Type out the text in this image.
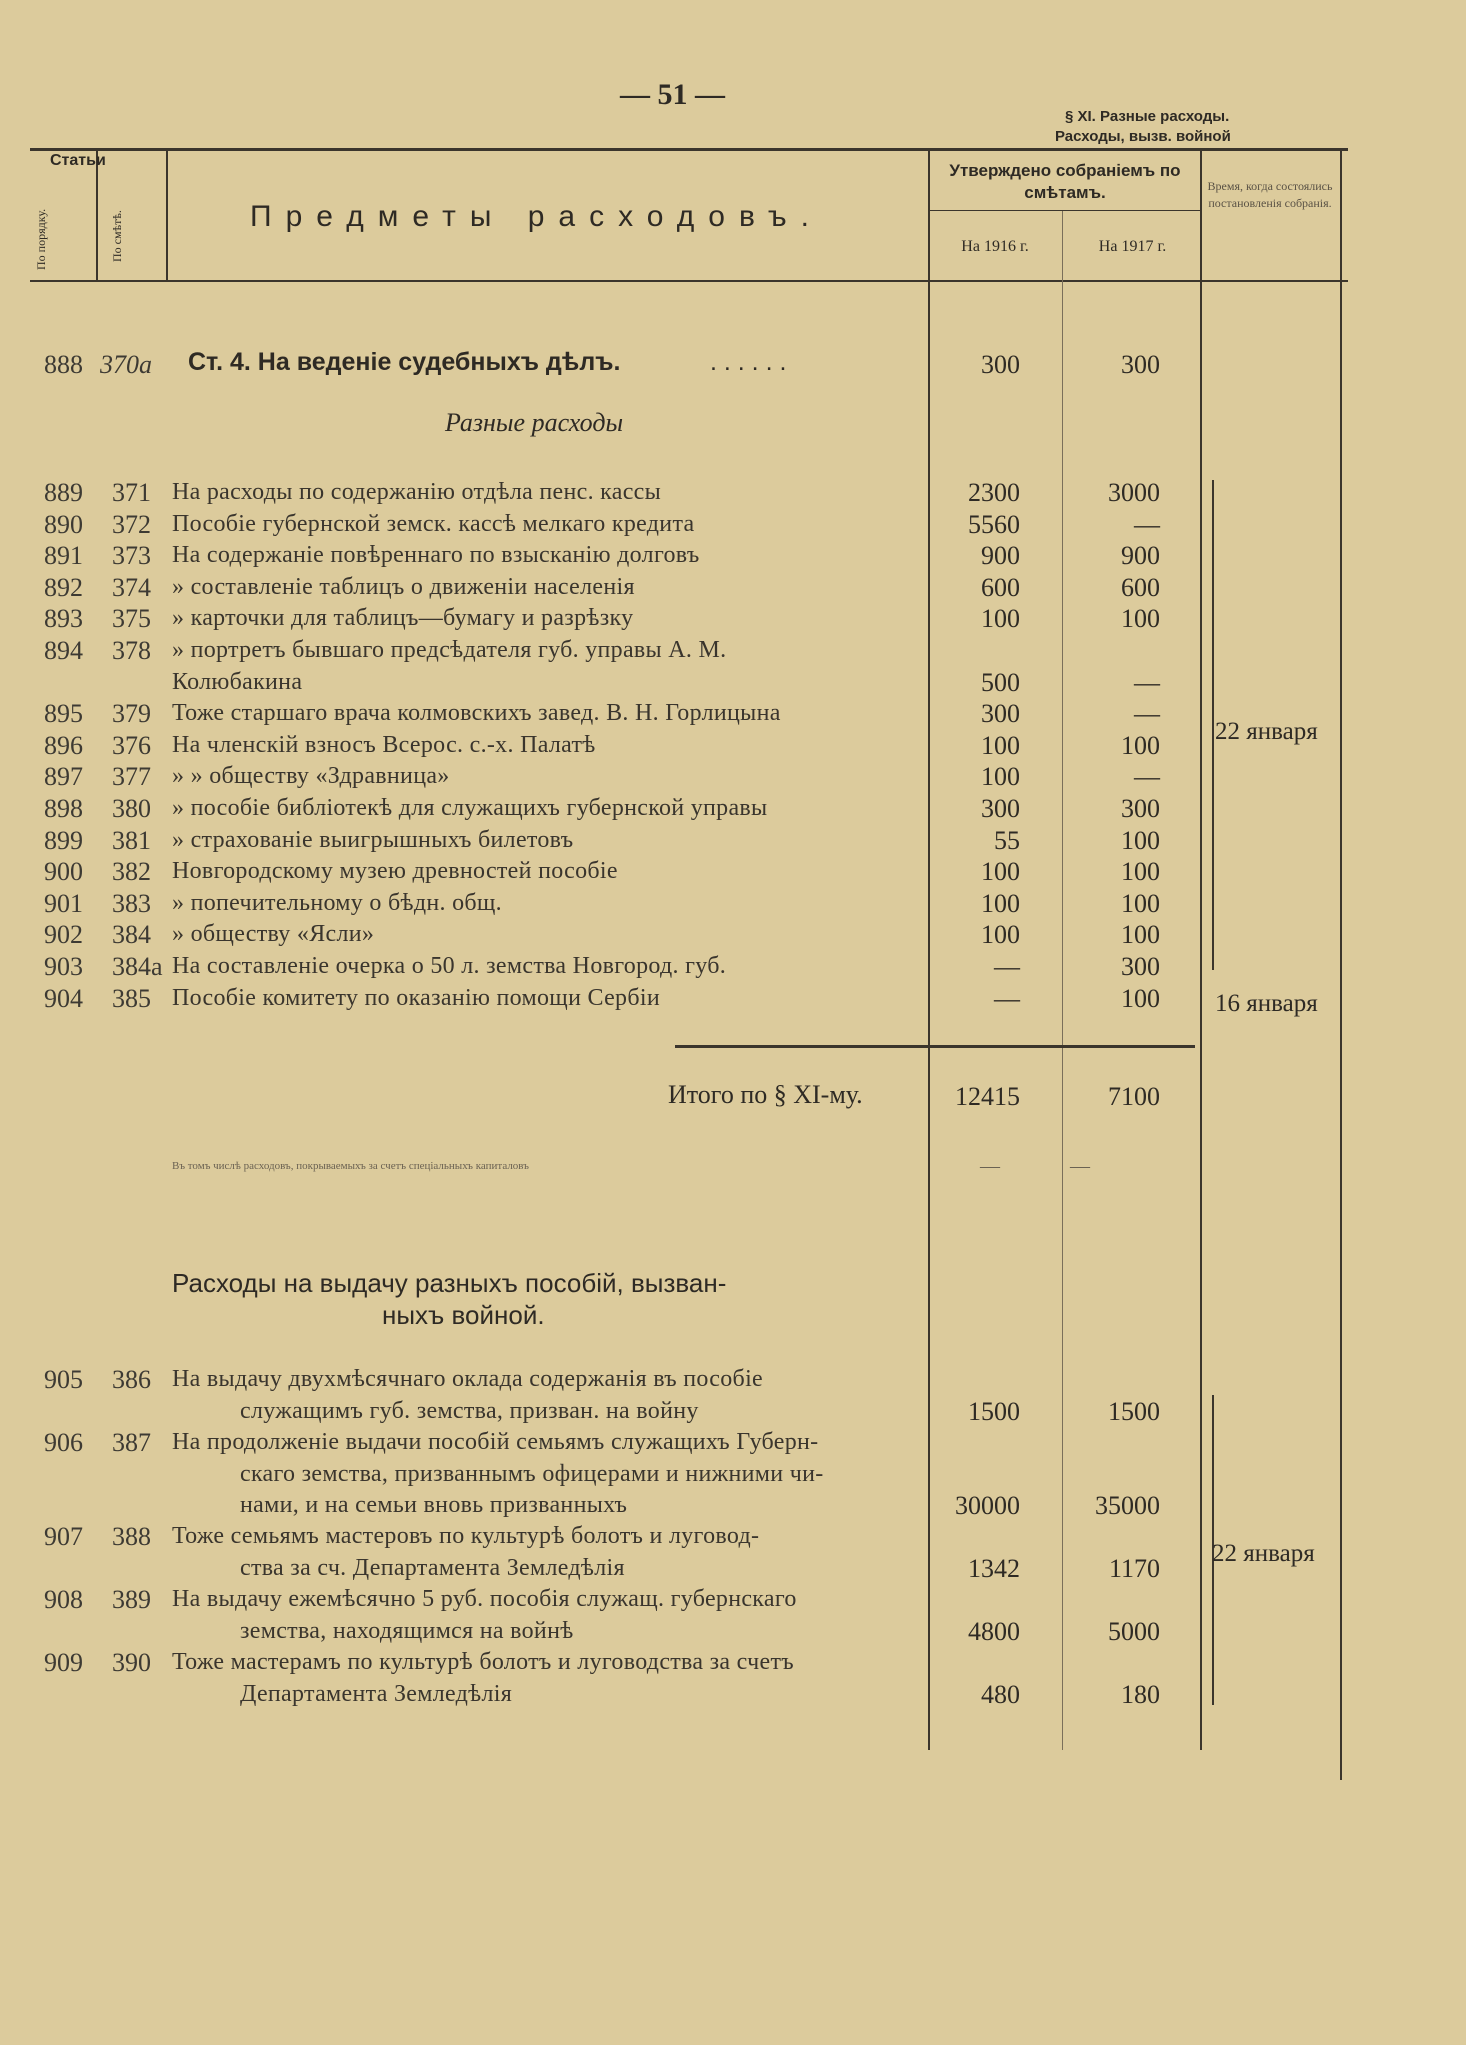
— 51 —
§ XI. Разные расходы.
Расходы, вызв. войной
Статьи
По порядку.	По смѣтѣ.	Предметы расходовъ.
Утверждено собраніемъ по смѣтамъ.
На 1916 г.	На 1917 г.
Время, когда состоялись постановленія собранія.
888 370а Ст. 4. На веденіе судебныхъ дѣлъ.	. . . . . .	300	300
Разные расходы
889 371 На расходы по содержанію отдѣла пенс. кассы	2300	3000
890 372 Пособіе губернской земск. кассѣ мелкаго кредита	5560	—
891 373 На содержаніе повѣреннаго по взысканію долговъ	900	900
892 374 » составленіе таблицъ о движеніи населенія	600	600
893 375 » карточки для таблицъ—бумагу и разрѣзку	100	100
894 378 » портретъ бывшаго предсѣдателя губ. управы А. М.
Колюбакина	500	—
895 379 Тоже старшаго врача колмовскихъ завед. В. Н. Горлицына	300	—
896 376 На членскій взносъ Всерос. с.-х. Палатѣ	100	100
897 377 » » обществу «Здравница»	100	—
898 380 » пособіе библіотекѣ для служащихъ губернской управы	300	300
899 381 » страхованіе выигрышныхъ билетовъ	55	100
900 382 Новгородскому музею древностей пособіе	100	100
901 383 » попечительному о бѣдн. общ.	100	100
902 384 » обществу «Ясли»	100	100
903 384а На составленіе очерка о 50 л. земства Новгород. губ.	—	300
904 385 Пособіе комитету по оказанію помощи Сербіи	—	100
22 января
16 января
Итого по § XI-му.	12415	7100
Въ томъ числѣ расходовъ, покрываемыхъ за счетъ спеціальныхъ капиталовъ	—              —
Расходы на выдачу разныхъ пособій, вызван-
ныхъ войной.
905 386 На выдачу двухмѣсячнаго оклада содержанія въ пособіе
служащимъ губ. земства, призван. на войну	1500	1500
906 387 На продолженіе выдачи пособій семьямъ служащихъ Губерн-
скаго земства, призваннымъ офицерами и нижними чи-
нами, и на семьи вновь призванныхъ	30000	35000
907 388 Тоже семьямъ мастеровъ по культурѣ болотъ и луговод-
ства за сч. Департамента Земледѣлія	1342	1170
908 389 На выдачу ежемѣсячно 5 руб. пособія служащ. губернскаго
земства, находящимся на войнѣ	4800	5000
909 390 Тоже мастерамъ по культурѣ болотъ и луговодства за счетъ
Департамента Земледѣлія	480	180
22 января
